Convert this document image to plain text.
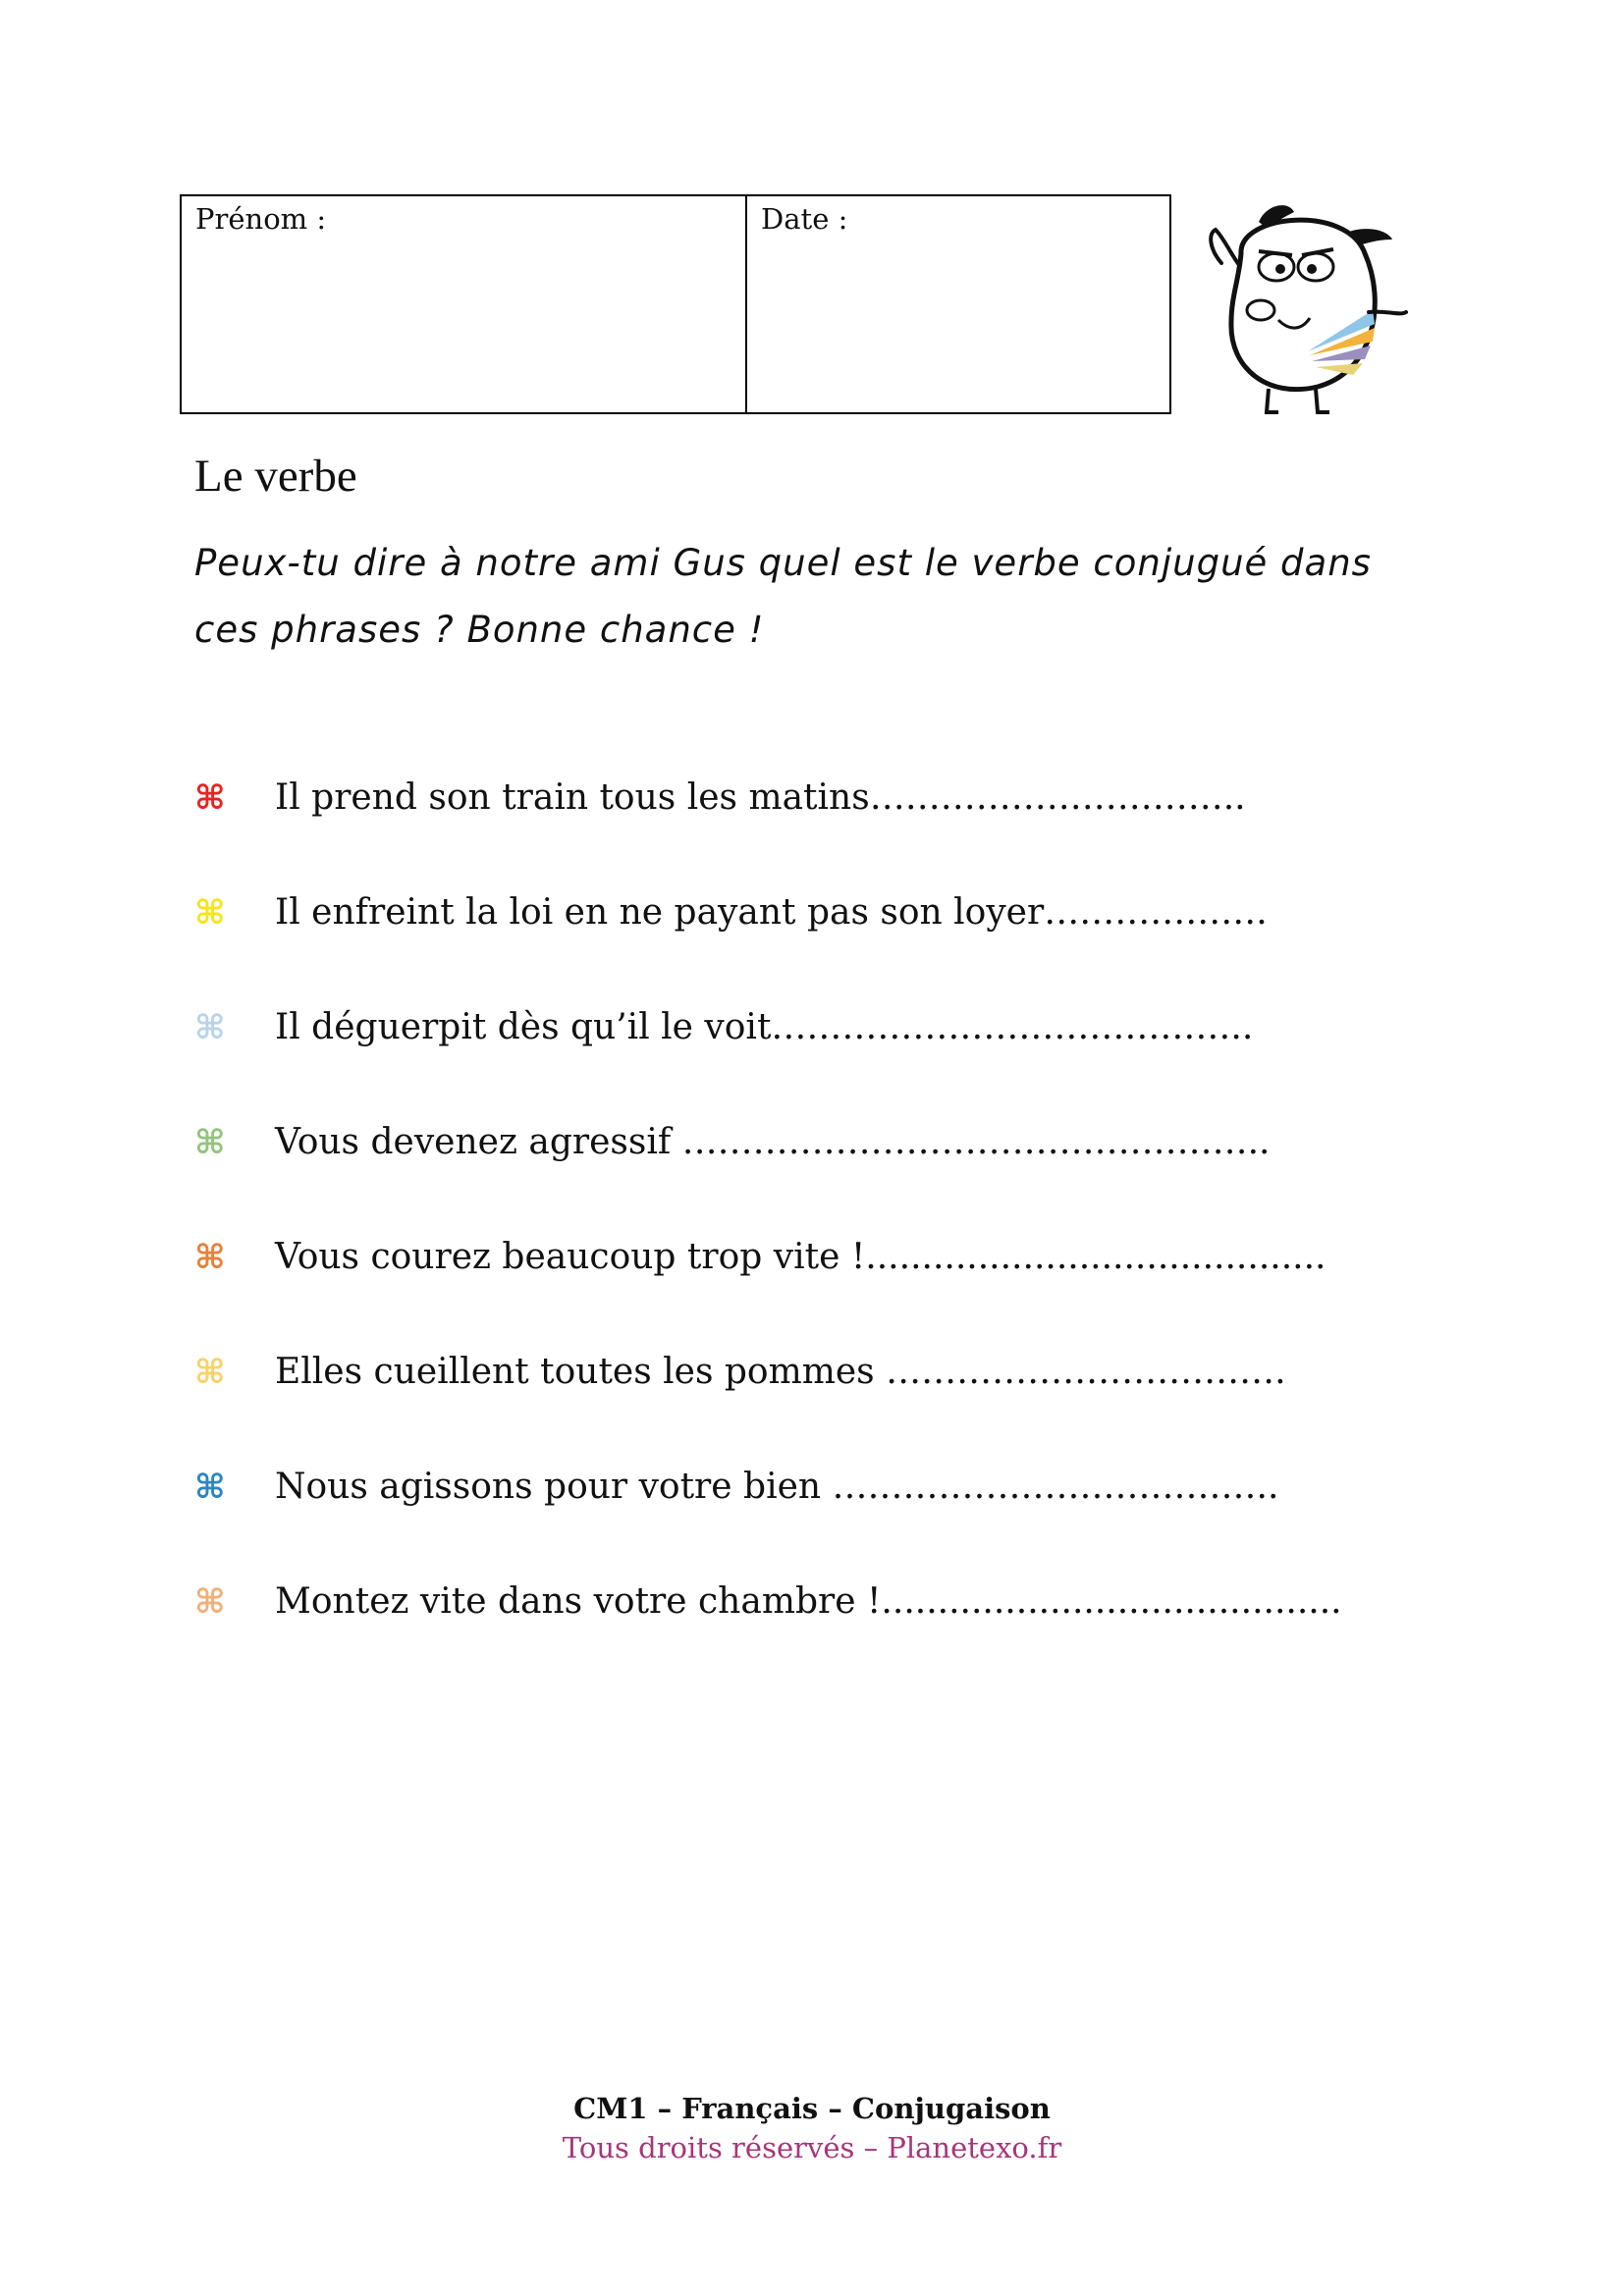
Prénom :	Date :
Le verbe

Peux-tu dire à notre ami Gus quel est le verbe conjugué dans ces phrases ? Bonne chance !

⌘	Il prend son train tous les matins…………………………..
⌘	Il enfreint la loi en ne payant pas son loyer……………….
⌘	Il déguerpit dès qu’il le voit…………………………………..
⌘	Vous devenez agressif …………………………………………..
⌘	Vous courez beaucoup trop vite !.........................................
⌘	Elles cueillent toutes les pommes …………………………….
⌘	Nous agissons pour votre bien ………………………………..
⌘	Montez vite dans votre chambre !.........................................
CM1 – Français – Conjugaison
Tous droits réservés – Planetexo.fr
